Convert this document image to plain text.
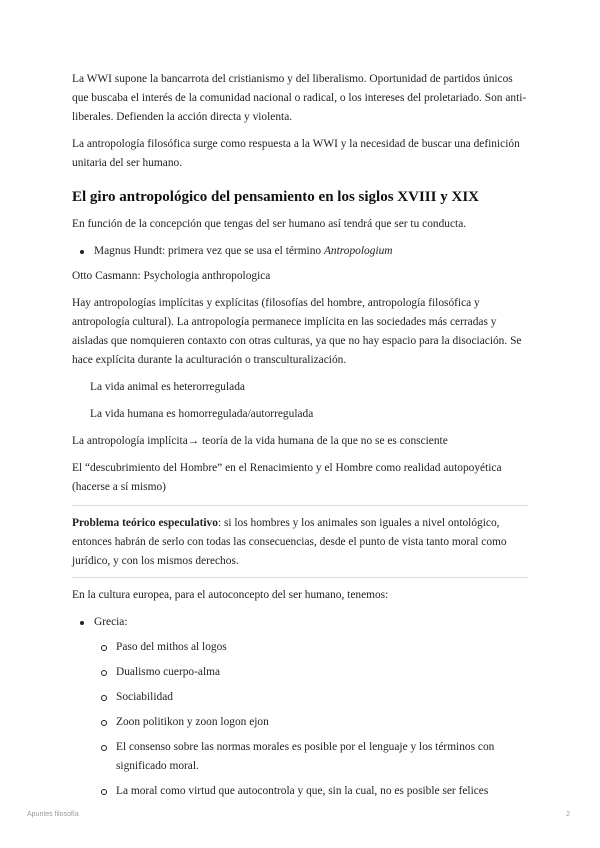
La WWI supone la bancarrota del cristianismo y del liberalismo. Oportunidad de partidos únicos que buscaba el interés de la comunidad nacional o radical, o los intereses del proletariado. Son anti-liberales. Defienden la acción directa y violenta.

La antropología filosófica surge como respuesta a la WWI y la necesidad de buscar una definición unitaria del ser humano.

El giro antropológico del pensamiento en los siglos XVIII y XIX

En función de la concepción que tengas del ser humano así tendrá que ser tu conducta.

Magnus Hundt: primera vez que se usa el término Antropologium

Otto Casmann: Psychologia anthropologica

Hay antropologías implícitas y explícitas (filosofías del hombre, antropología filosófica y antropología cultural). La antropología permanece implícita en las sociedades más cerradas y aisladas que nomquieren contaxto con otras culturas, ya que no hay espacio para la disociación. Se hace explícita durante la aculturación o transculturalización.

La vida animal es heterorregulada

La vida humana es homorregulada/autorregulada

La antropología implícita→ teoría de la vida humana de la que no se es consciente

El “descubrimiento del Hombre” en el Renacimiento y el Hombre como realidad autopoyética (hacerse a sí mismo)

Problema teórico especulativo: si los hombres y los animales son iguales a nivel ontológico, entonces habrán de serlo con todas las consecuencias, desde el punto de vista tanto moral como jurídico, y con los mismos derechos.

En la cultura europea, para el autoconcepto del ser humano, tenemos:

Grecia:
Paso del mithos al logos
Dualismo cuerpo-alma
Sociabilidad
Zoon politikon y zoon logon ejon
El consenso sobre las normas morales es posible por el lenguaje y los términos con significado moral.
La moral como virtud que autocontrola y que, sin la cual, no es posible ser felices
Apuntes filosofía	2
